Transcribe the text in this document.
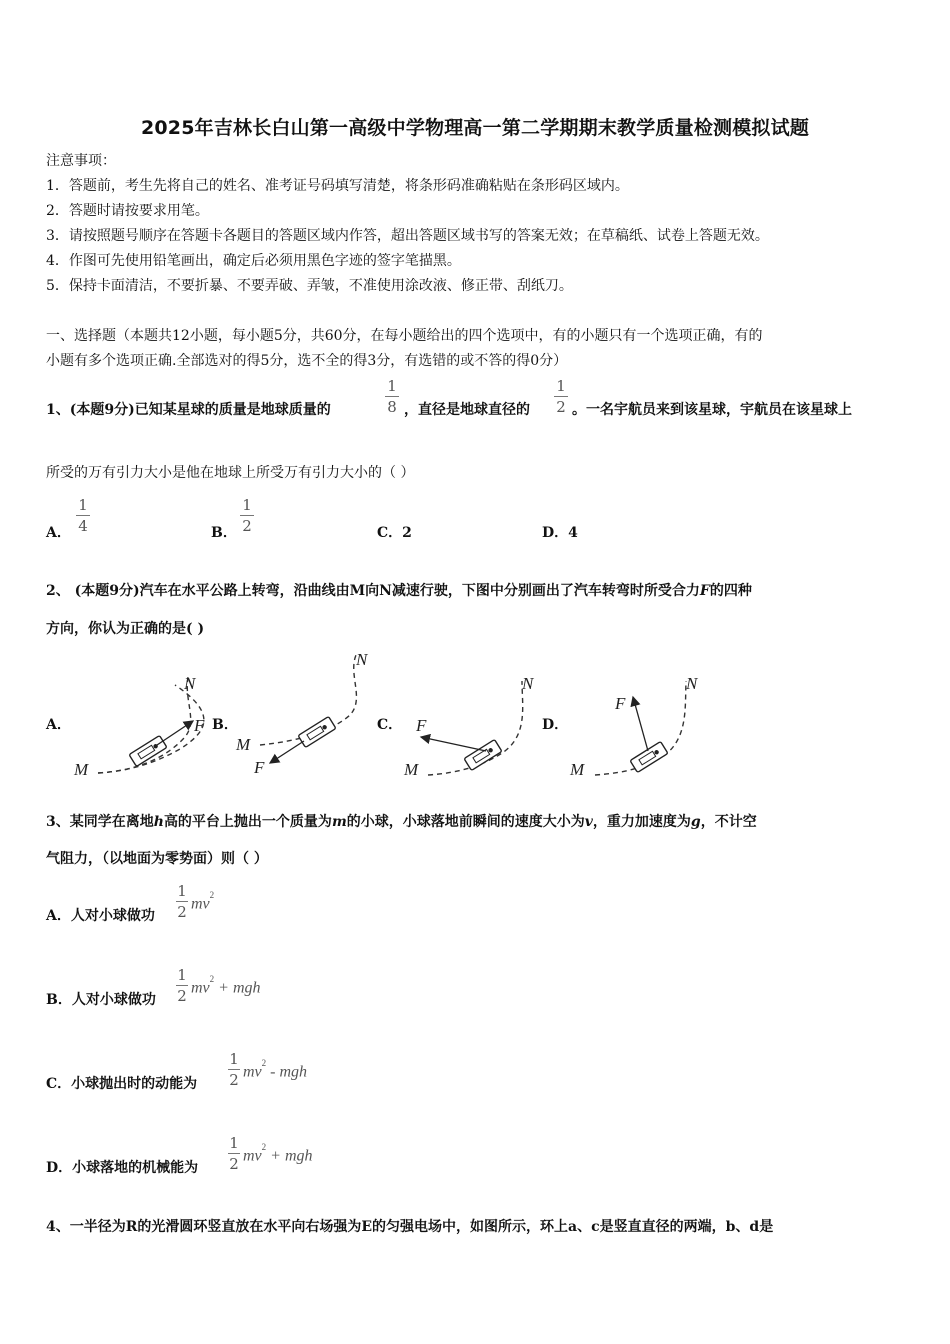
2025年吉林长白山第一高级中学物理高一第二学期期末教学质量检测模拟试题
注意事项：
1．答题前，考生先将自己的姓名、准考证号码填写清楚，将条形码准确粘贴在条形码区域内。
2．答题时请按要求用笔。
3．请按照题号顺序在答题卡各题目的答题区域内作答，超出答题区域书写的答案无效；在草稿纸、试卷上答题无效。
4．作图可先使用铅笔画出，确定后必须用黑色字迹的签字笔描黑。
5．保持卡面清洁，不要折暴、不要弄破、弄皱，不准使用涂改液、修正带、刮纸刀。
一、选择题（本题共12小题，每小题5分，共60分，在每小题给出的四个选项中，有的小题只有一个选项正确，有的
小题有多个选项正确.全部选对的得5分，选不全的得3分，有选错的或不答的得0分）
1、(本题9分)已知某星球的质量是地球质量的
1
8 ，直径是地球直径的
1
2 。一名宇航员来到该星球，宇航员在该星球上
所受的万有引力大小是他在地球上所受万有引力大小的（ ）
A．
1
4	B．
1
2	C．2	D．4
2、 (本题9分)汽车在水平公路上转弯，沿曲线由M向N减速行驶，下图中分别画出了汽车转弯时所受合力F的四种
方向，你认为正确的是( )
A．	B．	C．	D．
M
N
F
M
N
F	M
N
F
M
N
F
3、某同学在离地h高的平台上抛出一个质量为m的小球，小球落地前瞬间的速度大小为v，重力加速度为g，不计空
气阻力，（以地面为零势面）则（ ）
A．人对小球做功
1
2 $mv^2$
B．人对小球做功
1
2 $mv^2$ + mgh
C．小球抛出时的动能为
1
2 $mv^2$ - mgh
D．小球落地的机械能为
1
2 $mv^2$ + mgh
4、一半径为R的光滑圆环竖直放在水平向右场强为E的匀强电场中，如图所示，环上a、c是竖直直径的两端，b、d是
